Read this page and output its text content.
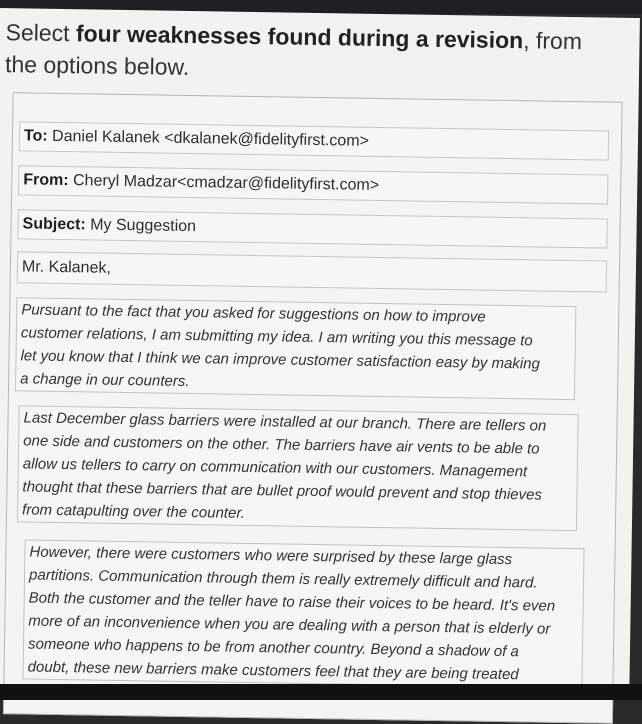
Select four weaknesses found during a revision, from the options below.
To: Daniel Kalanek <dkalanek@fidelityfirst.com>
From: Cheryl Madzar<cmadzar@fidelityfirst.com>
Subject: My Suggestion
Mr. Kalanek,

Pursuant to the fact that you asked for suggestions on how to improve

customer relations, I am submitting my idea. I am writing you this message to

let you know that I think we can improve customer satisfaction easy by making

a change in our counters.

Last December glass barriers were installed at our branch. There are tellers on

one side and customers on the other. The barriers have air vents to be able to

allow us tellers to carry on communication with our customers. Management

thought that these barriers that are bullet proof would prevent and stop thieves

from catapulting over the counter.

However, there were customers who were surprised by these large glass

partitions. Communication through them is really extremely difficult and hard.

Both the customer and the teller have to raise their voices to be heard. It's even

more of an inconvenience when you are dealing with a person that is elderly or

someone who happens to be from another country. Beyond a shadow of a

doubt, these new barriers make customers feel that they are being treated
